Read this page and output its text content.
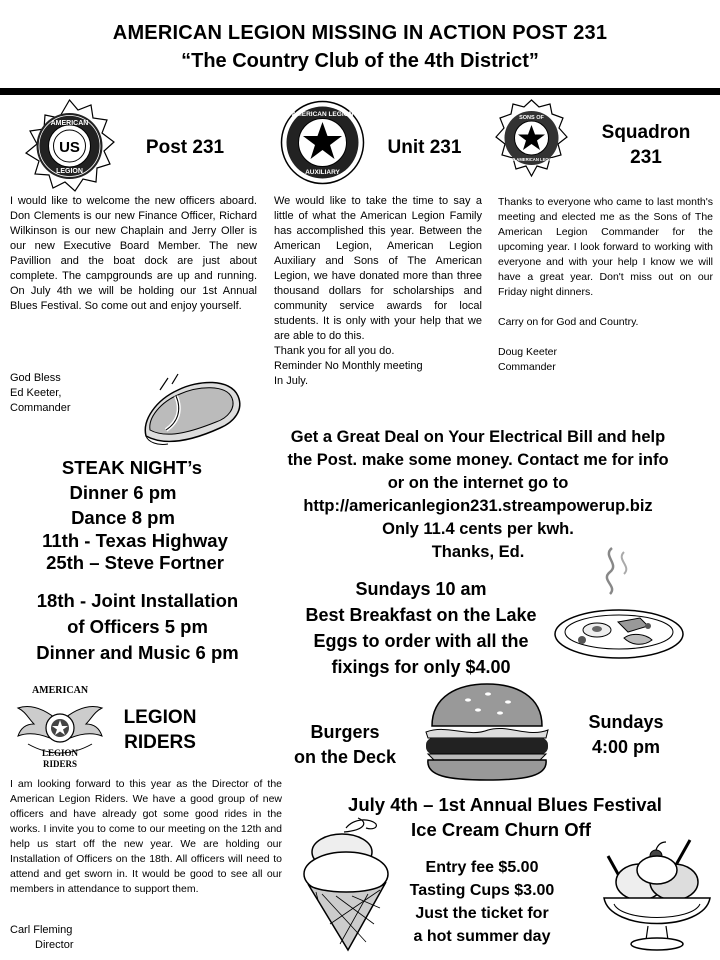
AMERICAN LEGION MISSING IN ACTION POST 231
“The Country Club of the 4th District”
US
AMERICAN
LEGION
Post 231
AMERICAN LEGION
AUXILIARY
Unit 231
SONS OF
THE AMERICAN LEGION
Squadron
231
I would like to welcome the new officers aboard. Don Clements is our new Finance Officer, Richard Wilkinson is our new Chaplain and Jerry Oller is our new Executive Board Member. The new Pavillion and the boat dock are just about complete. The campgrounds are up and running. On July 4th we will be holding our 1st Annual Blues Festival. So come out and enjoy yourself.
God Bless
Ed Keeter,
Commander
We would like to take the time to say a little of what the American Legion Family has accomplished this year. Between the American Legion, American Legion Auxiliary and Sons of The American Legion, we have donated more than three thousand dollars for scholarships and community service awards for local students. It is only with your help that we are able to do this.
Thank you for all you do.
Reminder No Monthly meeting
In July.
Thanks to everyone who came to last month's meeting and elected me as the Sons of The American Legion Commander for the upcoming year. I look forward to working with everyone and with your help I know we will have a great year. Don't miss out on our Friday night dinners.
Carry on for God and Country.
Doug Keeter
Commander
STEAK NIGHT’s
Dinner 6 pm
Dance 8 pm
11th - Texas Highway
25th – Steve Fortner
18th - Joint Installation
of Officers 5 pm
Dinner and Music 6 pm
Get a Great Deal on Your Electrical Bill and help
the Post. make some money. Contact me for info
or on the internet go to
http://americanlegion231.streampowerup.biz
Only 11.4 cents per kwh.
Thanks, Ed.
Sundays 10 am
Best Breakfast on the Lake
Eggs to order with all the
fixings for only $4.00
AMERICAN
LEGION
RIDERS
LEGION
RIDERS
I am looking forward to this year as the Director of the American Legion Riders. We have a good group of new officers and have already got some good rides in the works. I invite you to come to our meeting on the 12th and help us start off the new year. We are holding our Installation of Officers on the 18th. All officers will need to attend and get sworn in. It would be good to see all our members in attendance to support them.
Carl Fleming
Director
Burgers
on the Deck
Sundays
4:00 pm
July 4th – 1st Annual Blues Festival
Ice Cream Churn Off
Entry fee $5.00
Tasting Cups $3.00
Just the ticket for
a hot summer day
